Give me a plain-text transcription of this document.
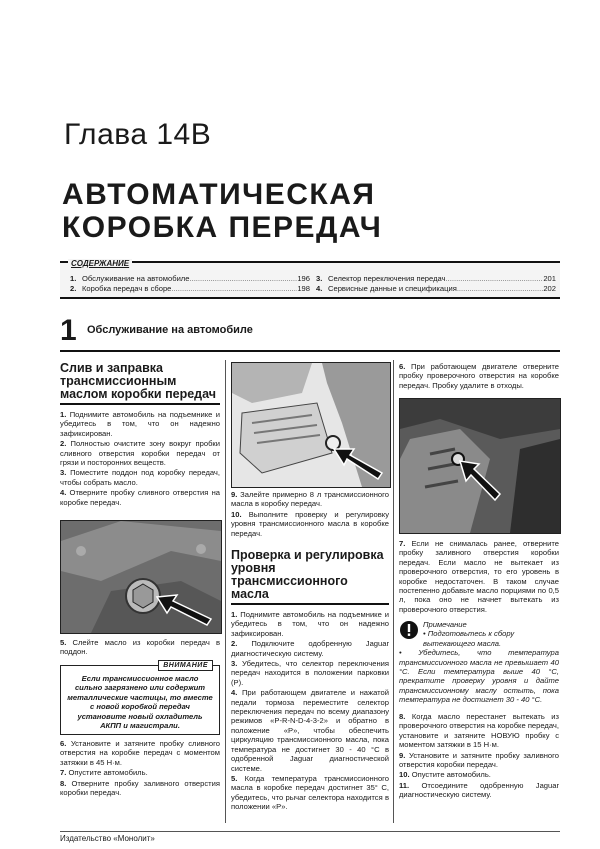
Глава 14В
АВТОМАТИЧЕСКАЯ
КОРОБКА ПЕРЕДАЧ
СОДЕРЖАНИЕ
1. Обслуживание на автомобиле .....	196
2. Коробка передач в сборе .....	198
3. Селектор переключения передач .....	201
4. Сервисные данные и спецификация .....	202
1 Обслуживание на автомобиле
Слив и заправка трансмиссионным маслом коробки передач

1. Поднимите автомобиль на подъемнике и убедитесь в том, что он надежно зафиксирован.

2. Полностью очистите зону вокруг пробки сливного отверстия коробки передач от грязи и посторонних веществ.

3. Поместите поддон под коробку передач, чтобы собрать масло.

4. Отверните пробку сливного отверстия на коробке передач.

5. Слейте масло из коробки передач в поддон.

ВНИМАНИЕ
Если трансмиссионное масло сильно загрязнено или содержит металлические частицы, то вместе с новой коробкой передач установите новый охладитель АКПП и магистрали.

6. Установите и затяните пробку сливного отверстия на коробке передач с моментом затяжки в 45 Н·м.

7. Опустите автомобиль.

8. Отверните пробку заливного отверстия коробки передач.

9. Залейте примерно 8 л трансмиссионного масла в коробку передач.

10. Выполните проверку и регулировку уровня трансмиссионного масла в коробке передач.

Проверка и регулировка уровня трансмиссионного масла

1. Поднимите автомобиль на подъемнике и убедитесь в том, что он надежно зафиксирован.

2. Подключите одобренную Jaguar диагностическую систему.

3. Убедитесь, что селектор переключения передач находится в положении парковки (P).

4. При работающем двигателе и нажатой педали тормоза переместите селектор переключения передач по всему диапазону режимов «P-R-N-D-4-3-2» и обратно в положение «P», чтобы обеспечить циркуляцию трансмиссионного масла, пока температура не достигнет 30 - 40 °С в одобренной Jaguar диагностической системе.

5. Когда температура трансмиссионного масла в коробке передач достигнет 35° С, убедитесь, что рычаг селектора находится в положении «P».

6. При работающем двигателе отверните пробку проверочного отверстия на коробке передач. Пробку удалите в отходы.

7. Если не снималась ранее, отверните пробку заливного отверстия коробки передач. Если масло не вытекает из проверочного отверстия, то его уровень в коробке недостаточен. В таком случае постепенно добавьте масло порциями по 0,5 л, пока оно не начнет вытекать из проверочного отверстия.

Примечание
• Подготовьтесь к сбору вытекающего масла.
• Убедитесь, что температура трансмиссионного масла не превышает 40 °С. Если температура выше 40 °С, прекратите проверку уровня и дайте трансмиссионному маслу остыть, пока температура не достигнет 30 - 40 °С.

8. Когда масло перестанет вытекать из проверочного отверстия на коробке передач, установите и затяните НОВУЮ пробку с моментом затяжки в 15 Н·м.

9. Установите и затяните пробку заливного отверстия коробки передач.

10. Опустите автомобиль.

11. Отсоедините одобренную Jaguar диагностическую систему.

Издательство «Монолит»
